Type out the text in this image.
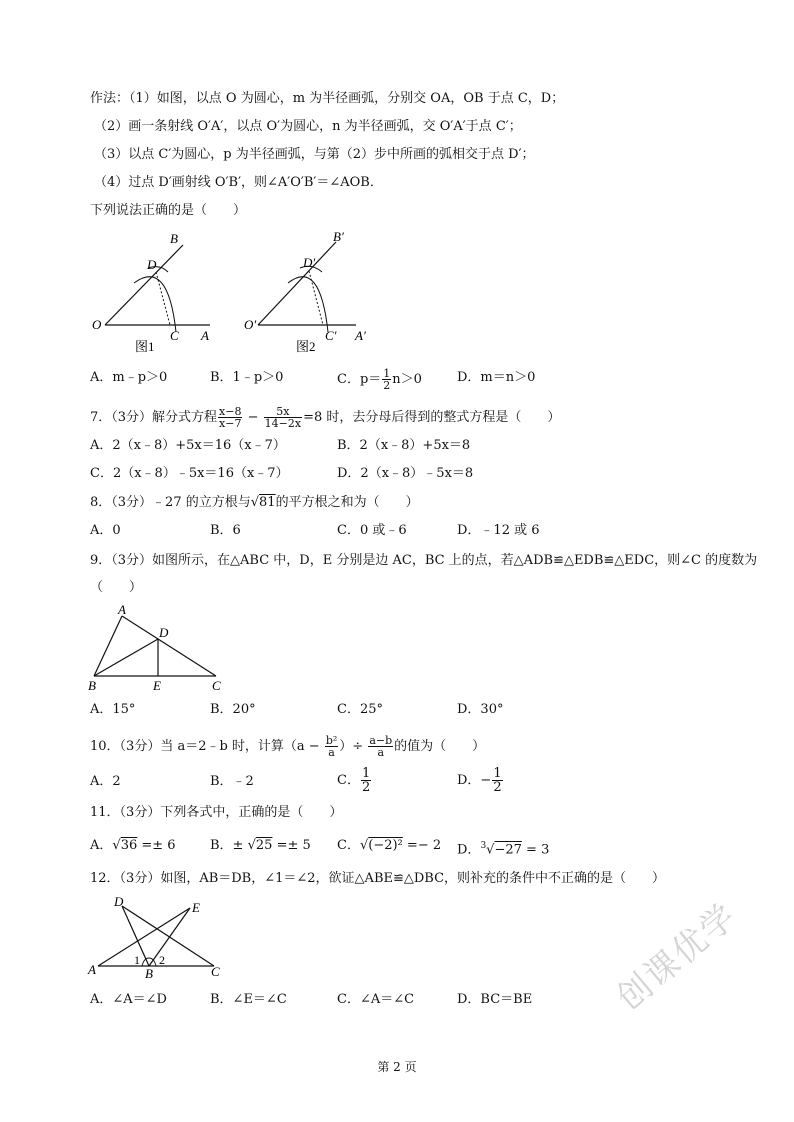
作法：（1）如图，以点 O 为圆心，m 为半径画弧，分别交 OA，OB 于点 C，D；
（2）画一条射线 O′A′，以点 O′为圆心，n 为半径画弧，交 O′A′于点 C′；
（3）以点 C′为圆心，p 为半径画弧，与第（2）步中所画的弧相交于点 D′；
（4）过点 D′画射线 O′B′，则∠A′O′B′＝∠AOB．
下列说法正确的是（　　）
B
D
O
C A
图1
B′
D′
O′
C′ A′
图2
A．m﹣p＞0	B．1﹣p＞0	C．$p= \frac{1}{2} n>0$	D．m＝n＞0
7．（3分）解分式方程 $\frac{x-8}{x-7} - \frac{5x}{14-2x} =8$ 时，去分母后得到的整式方程是（　　）
A．2（x﹣8）+5x＝16（x﹣7）	B．2（x﹣8）+5x＝8
C．2（x﹣8）﹣5x＝16（x﹣7）	D．2（x﹣8）﹣5x＝8
8．（3分）﹣27 的立方根与√81的平方根之和为（　　）
A．0	B．6	C．0 或﹣6	D．﹣12 或 6
9．（3分）如图所示，在△ABC 中，D，E 分别是边 AC，BC 上的点，若△ADB≌△EDB≌△EDC，则∠C 的度数为
（　　）
A
D
B	E	C
A．15°	B．20°	C．25°	D．30°
10．（3分）当 a＝2﹣b 时，计算（$a - \frac{\text{b²}}{a}$ ）÷ $\frac{a-b}{a}$ 的值为（　　）
A．2	B．﹣2	C． $\frac{1}{2}$	D．− $\frac{1}{2}$
11．（3分）下列各式中，正确的是（　　）
A．√36 =± 6	B．± √25 =± 5 C．√(−2)² =− 2 D．$^3$√−27 = 3
12．（3分）如图，AB＝DB，∠1＝∠2，欲证△ABE≌△DBC，则补充的条件中不正确的是（　　）
D	E
A	B	C
1 2
A．∠A＝∠D	B．∠E＝∠C	C．∠A＝∠C	D．BC＝BE 创课优学
第 2 页
